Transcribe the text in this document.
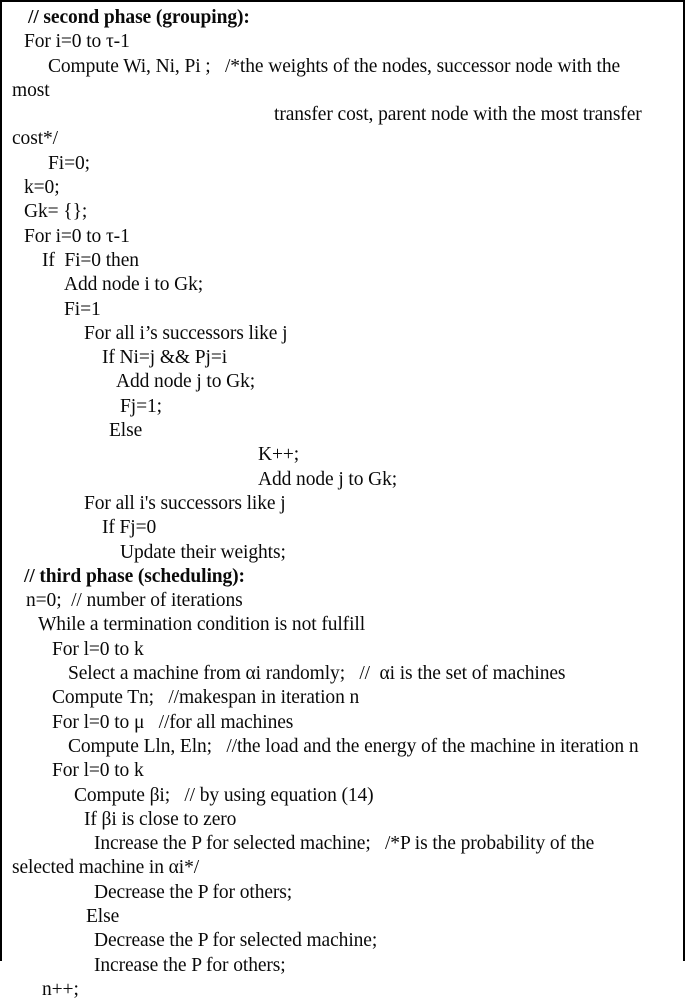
// second phase (grouping):
For i=0 to τ-1
Compute Wi, Ni, Pi ;   /*the weights of the nodes, successor node with the
most
transfer cost, parent node with the most transfer
cost*/
Fi=0;
k=0;
Gk= {};
For i=0 to τ-1
If  Fi=0 then
Add node i to Gk;
Fi=1
For all i’s successors like j
If Ni=j && Pj=i
Add node j to Gk;
Fj=1;
Else
K++;
Add node j to Gk;
For all i's successors like j
If Fj=0
Update their weights;
// third phase (scheduling):
n=0;  // number of iterations
While a termination condition is not fulfill
For l=0 to k
Select a machine from αi randomly;   //  αi is the set of machines
Compute Tn;   //makespan in iteration n
For l=0 to μ   //for all machines
Compute Lln, Eln;   //the load and the energy of the machine in iteration n
For l=0 to k
Compute βi;   // by using equation (14)
If βi is close to zero
Increase the P for selected machine;   /*P is the probability of the
selected machine in αi*/
Decrease the P for others;
Else
Decrease the P for selected machine;
Increase the P for others;
n++;
